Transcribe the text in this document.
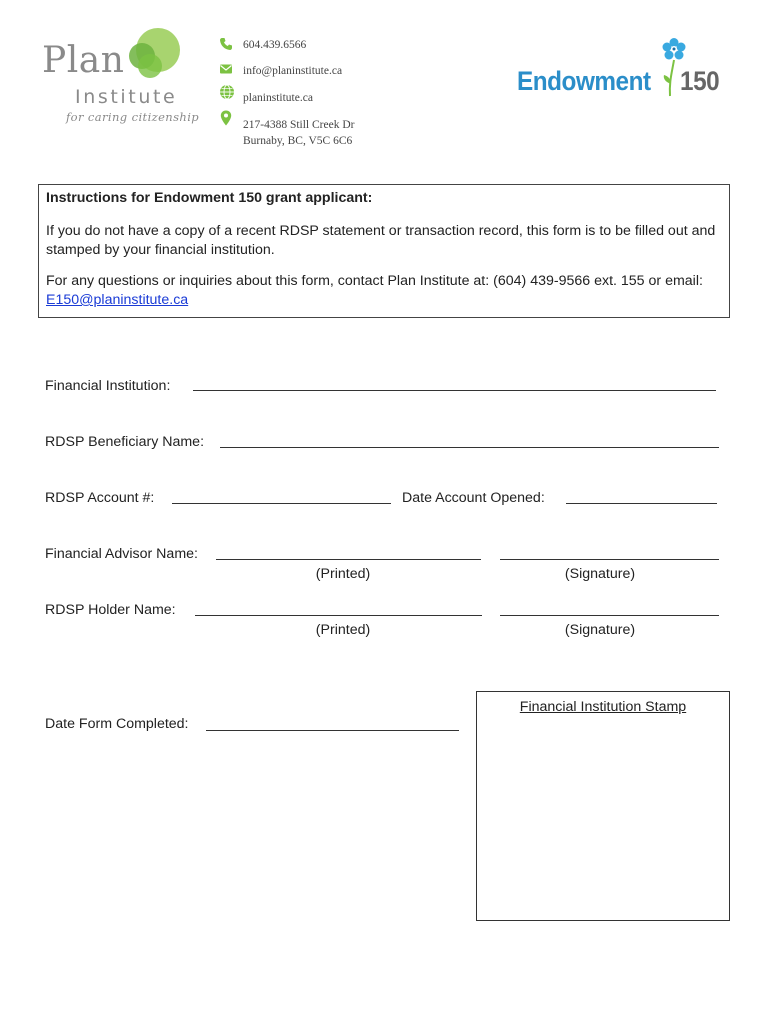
Plan
Institute
for caring citizenship
604.439.6566
info@planinstitute.ca
planinstitute.ca
217-4388 Still Creek Dr
Burnaby, BC, V5C 6C6
Endowment 150

Instructions for Endowment 150 grant applicant:

If you do not have a copy of a recent RDSP statement or transaction record, this form is to be filled out and stamped by your financial institution.

For any questions or inquiries about this form, contact Plan Institute at: (604) 439-9566 ext. 155 or email: E150@planinstitute.ca

Financial Institution:
RDSP Beneficiary Name:
RDSP Account #:	Date Account Opened:
Financial Advisor Name:
(Printed)	(Signature)
RDSP Holder Name:
(Printed)	(Signature)
Date Form Completed:
Financial Institution Stamp
